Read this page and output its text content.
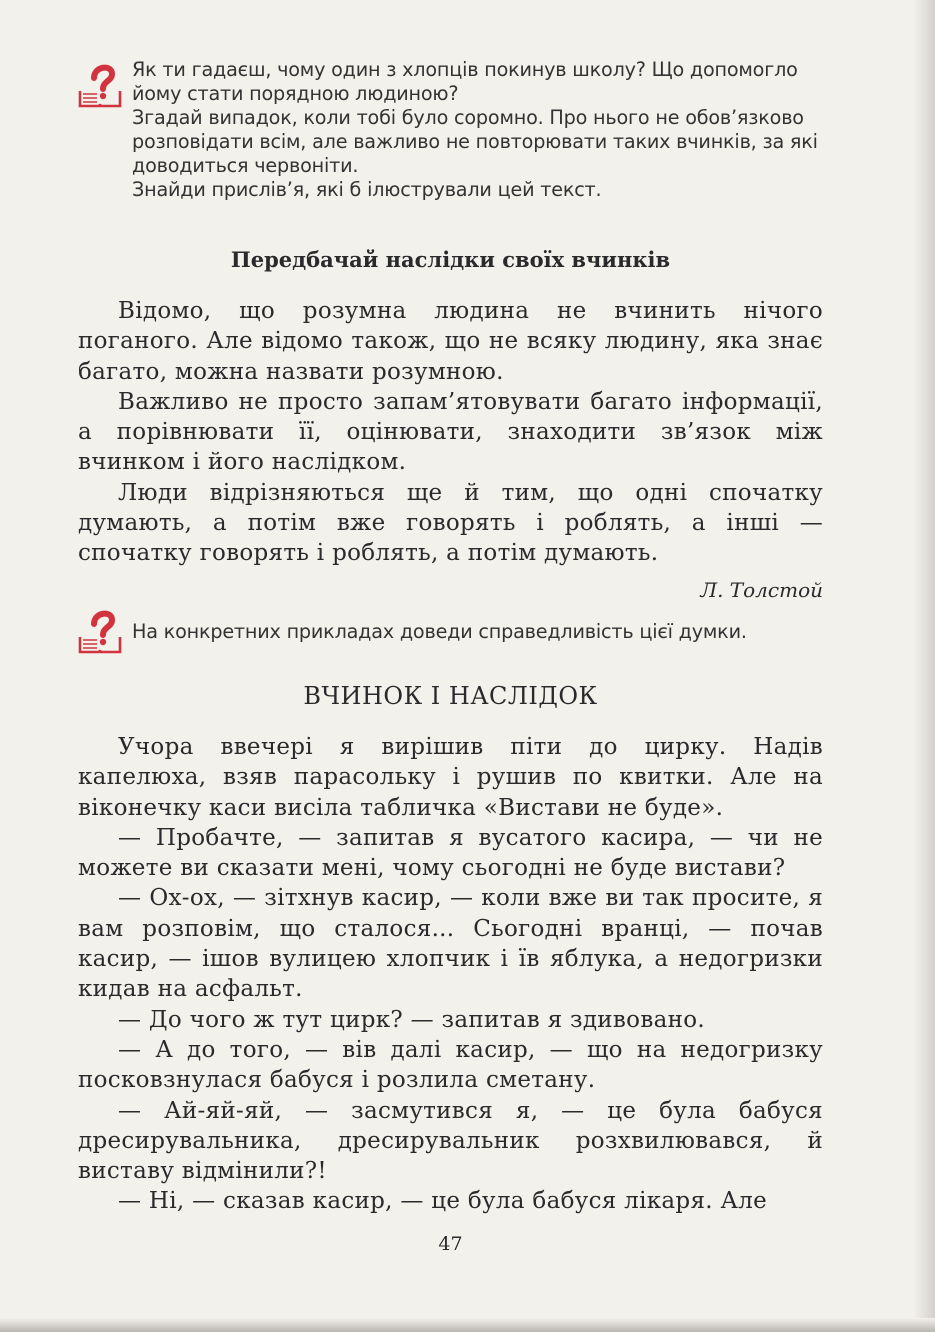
Як ти гадаєш, чому один з хлопців покинув школу? Що допомогло йому стати порядною людиною?

Згадай випадок, коли тобі було соромно. Про нього не обов’язково розповідати всім, але важливо не повторювати таких вчинків, за які доводиться червоніти.

Знайди прислів’я, які б ілюстрували цей текст.

Передбачай наслідки своїх вчинків

Відомо, що розумна людина не вчинить нічого поганого. Але відомо також, що не всяку людину, яка знає багато, можна назвати розумною.

Важливо не просто запам’ятовувати багато інформації, а порівнювати її, оцінювати, знаходити зв’язок між вчинком і його наслідком.

Люди відрізняються ще й тим, що одні спочатку думають, а потім вже говорять і роблять, а інші — спочатку говорять і роблять, а потім думають.

Л. Толстой

На конкретних прикладах доведи справедливість цієї думки.

ВЧИНОК І НАСЛІДОК

Учора ввечері я вирішив піти до цирку. Надів капелюха, взяв парасольку і рушив по квитки. Але на віконечку каси висіла табличка «Вистави не буде».

— Пробачте, — запитав я вусатого касира, — чи не можете ви сказати мені, чому сьогодні не буде вистави?

— Ох-ох, — зітхнув касир, — коли вже ви так просите, я вам розповім, що сталося... Сьогодні вранці, — почав касир, — ішов вулицею хлопчик і їв яблука, а недогризки кидав на асфальт.

— До чого ж тут цирк? — запитав я здивовано.

— А до того, — вів далі касир, — що на недогризку посковзнулася бабуся і розлила сметану.

— Ай-яй-яй, — засмутився я, — це була бабуся дресирувальника, дресирувальник розхвилювався, й виставу відмінили?!

— Ні, — сказав касир, — це була бабуся лікаря. Але

47
